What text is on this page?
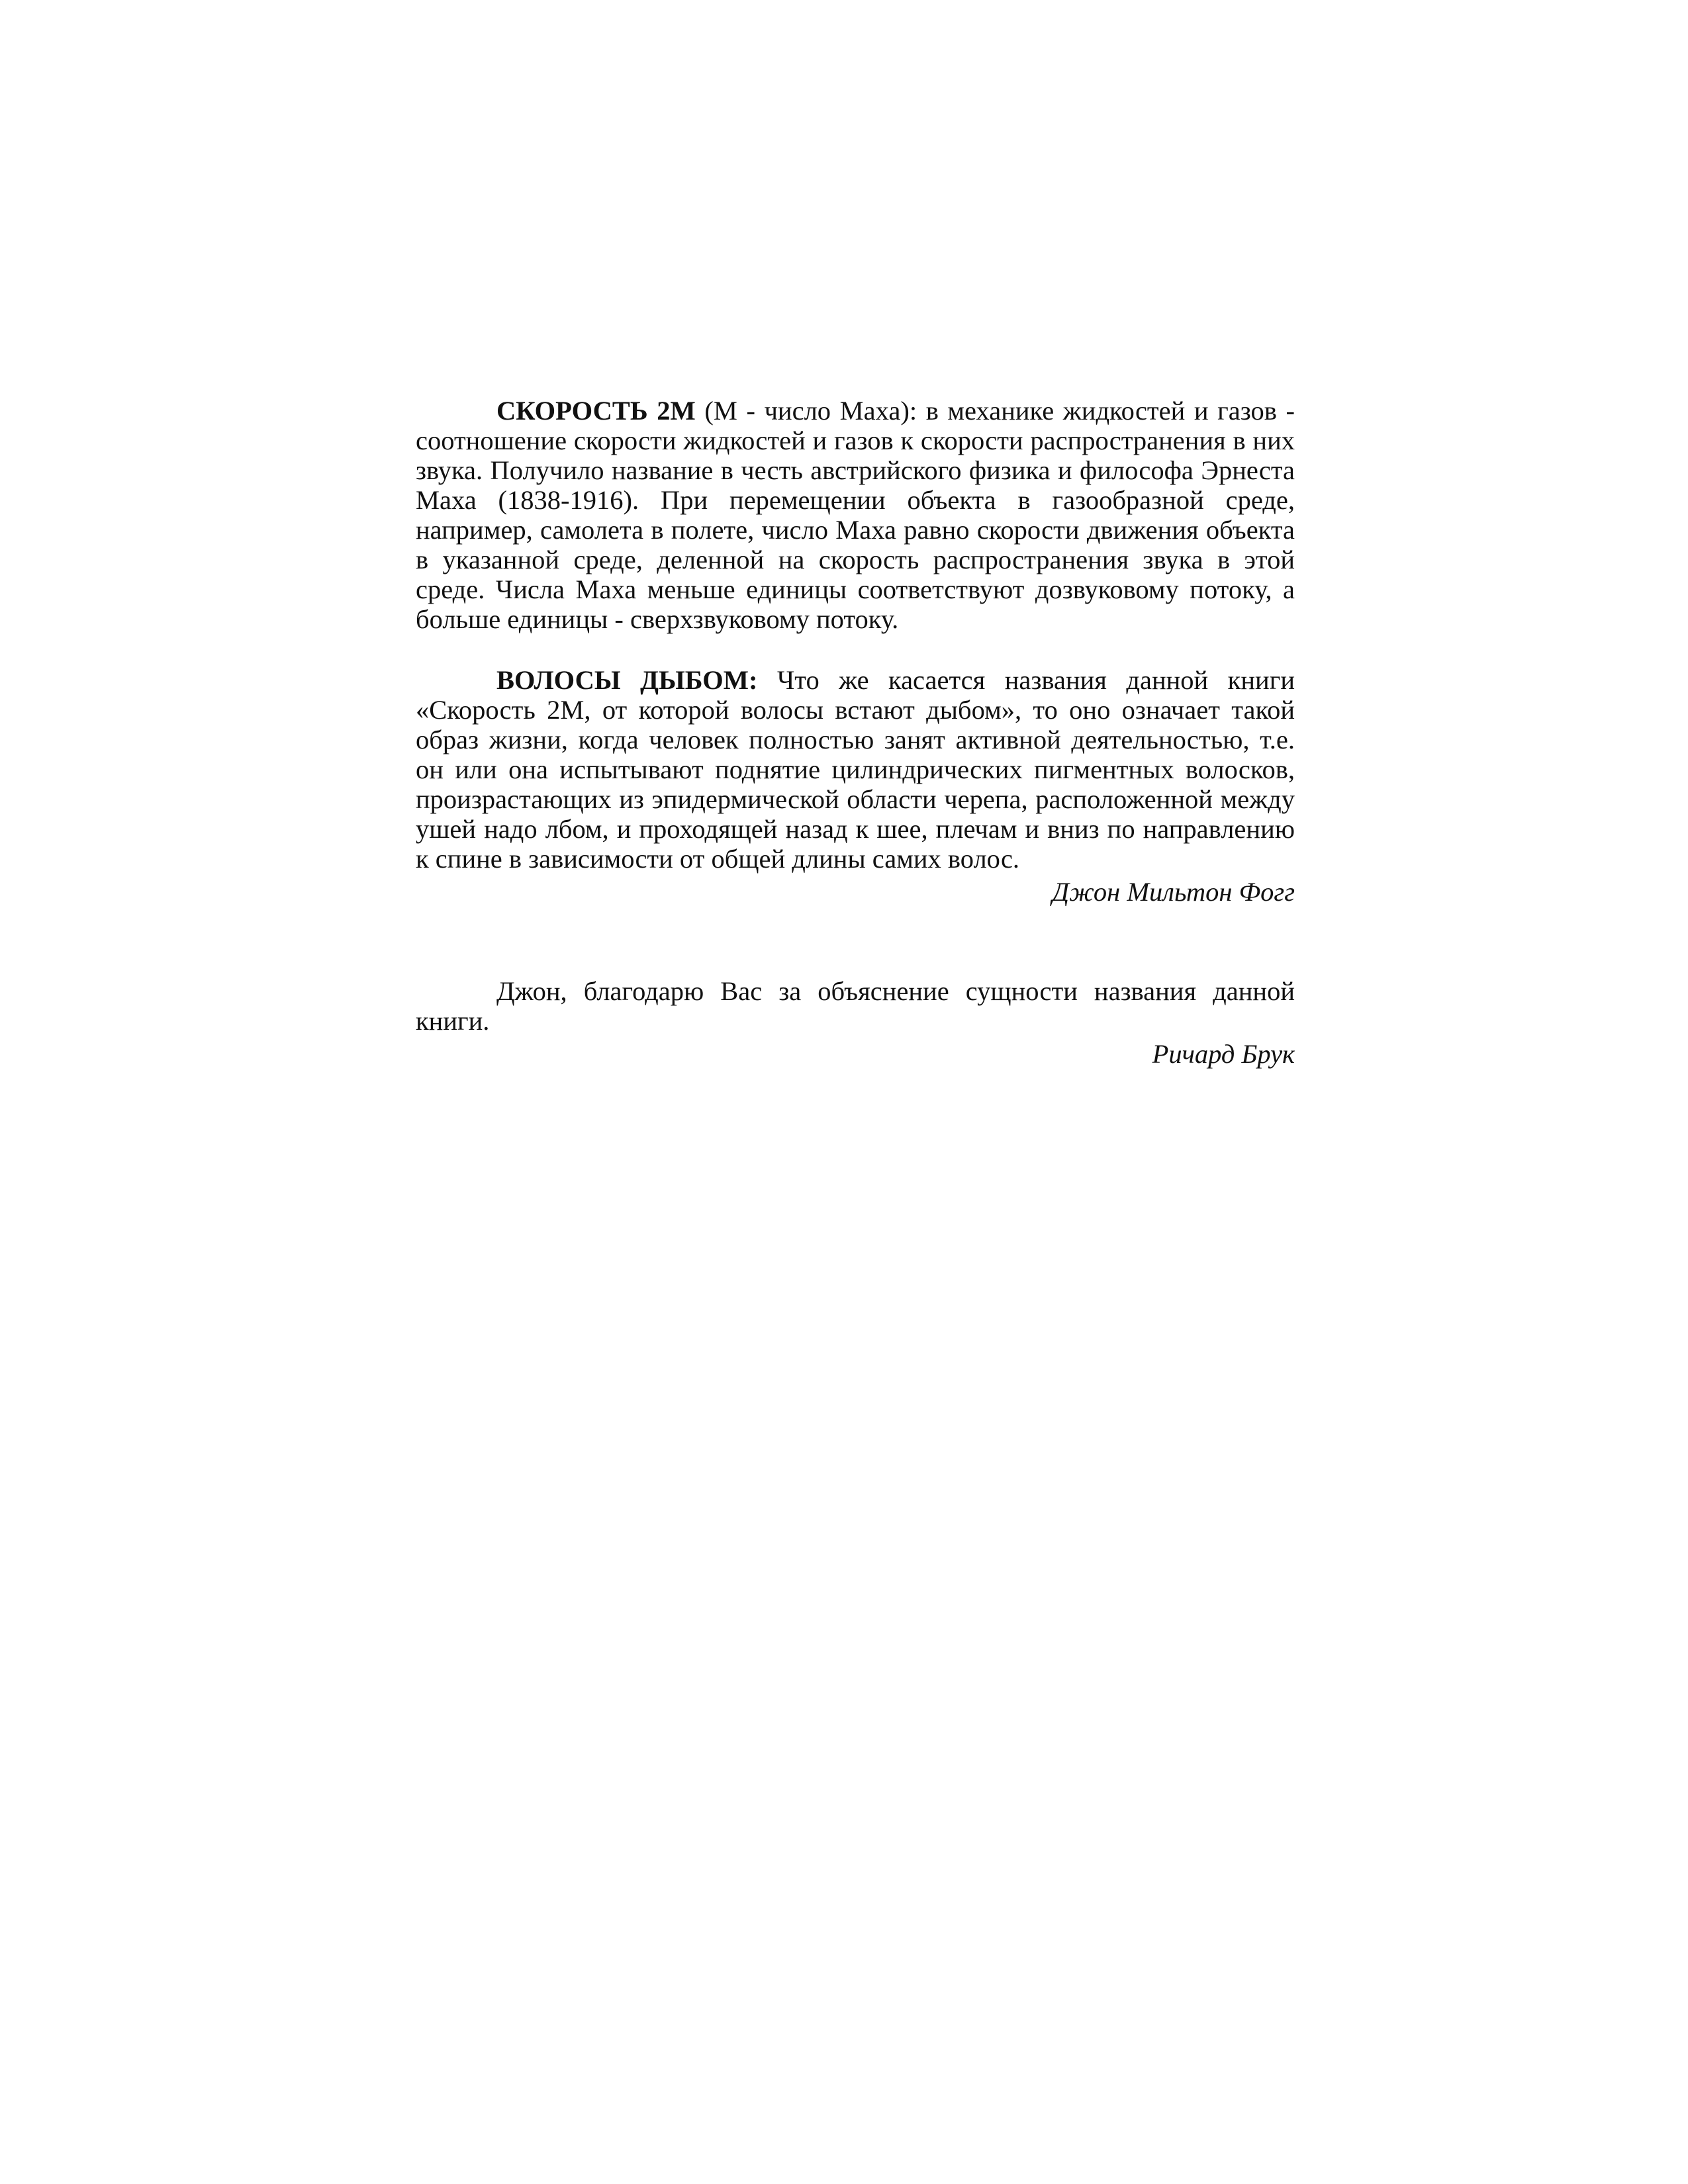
СКОРОСТЬ 2М (М - число Маха): в механике жидкостей и газов - соотношение скорости жидкостей и газов к скорости распространения в них звука. Получило название в честь австрийского физика и философа Эрнеста Маха (1838-1916). При перемещении объекта в газообразной среде, например, самолета в полете, число Маха равно скорости движения объекта в указанной среде, деленной на скорость распространения звука в этой среде. Числа Маха меньше единицы соответствуют дозвуковому потоку, а больше единицы - сверхзвуковому потоку.

ВОЛОСЫ ДЫБОМ: Что же касается названия данной книги «Скорость 2М, от которой волосы встают дыбом», то оно означает такой образ жизни, когда человек полностью занят активной деятельностью, т.е. он или она испытывают поднятие цилиндрических пигментных волосков, произрастающих из эпидермической области черепа, расположенной между ушей надо лбом, и проходящей назад к шее, плечам и вниз по направлению к спине в зависимости от общей длины самих волос.

Джон Мильтон Фогг

Джон, благодарю Вас за объяснение сущности названия данной книги.

Ричард Брук
